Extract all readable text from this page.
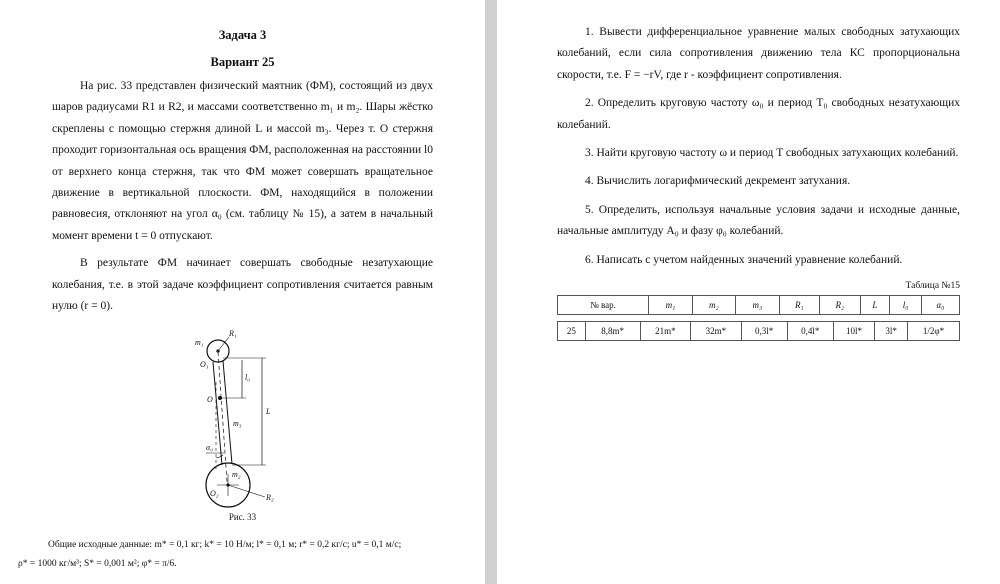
Задача 3
Вариант 25

На рис. 33 представлен физический маятник (ФМ), состоящий из двух шаров радиусами R1 и R2, и массами соответственно m₁ и m₂. Шары жёстко скреплены с помощью стержня длиной L и массой m₃. Через т. О стержня проходит горизонтальная ось вращения ФМ, расположенная на расстоянии l0 от верхнего конца стержня, так что ФМ может совершать вращательное движение в вертикальной плоскости. ФМ, находящийся в положении равновесия, отклоняют на угол α₀ (см. таблицу № 15), а затем в начальный момент времени t = 0 отпускают.

В результате ФМ начинает совершать свободные незатухающие колебания, т.е. в этой задаче коэффициент сопротивления считается равным нулю (r = 0).

m₁
R₁
O₁
l₀
O
L
m₃
α₀
m₂
O₂	R₂
Рис. 33
Общие исходные данные: m* = 0,1 кг; k* = 10 Н/м; l* = 0,1 м; r* = 0,2 кг/с; u* = 0,1 м/с;
ρ* = 1000 кг/м³; S* = 0,001 м²; φ* = π/6.

1. Вывести дифференциальное уравнение малых свободных затухающих колебаний, если сила сопротивления движению тела КС пропорциональна скорости, т.е. F = −rV, где r - коэффициент сопротивления.

2. Определить круговую частоту ω₀ и период T₀ свободных незатухающих колебаний.

3. Найти круговую частоту ω и период T свободных затухающих колебаний.

4. Вычислить логарифмический декремент затухания.

5. Определить, используя начальные условия задачи и исходные данные, начальные амплитуду A₀ и фазу φ₀ колебаний.

6. Написать с учетом найденных значений уравнение колебаний.

Таблица №15
№ вар.	m₁	m₂	m₃	R₁	R₂	L	l₀	α₀
25	8,8m*	21m*	32m*	0,3l*	0,4l*	10l*	3l*	1/2φ*
